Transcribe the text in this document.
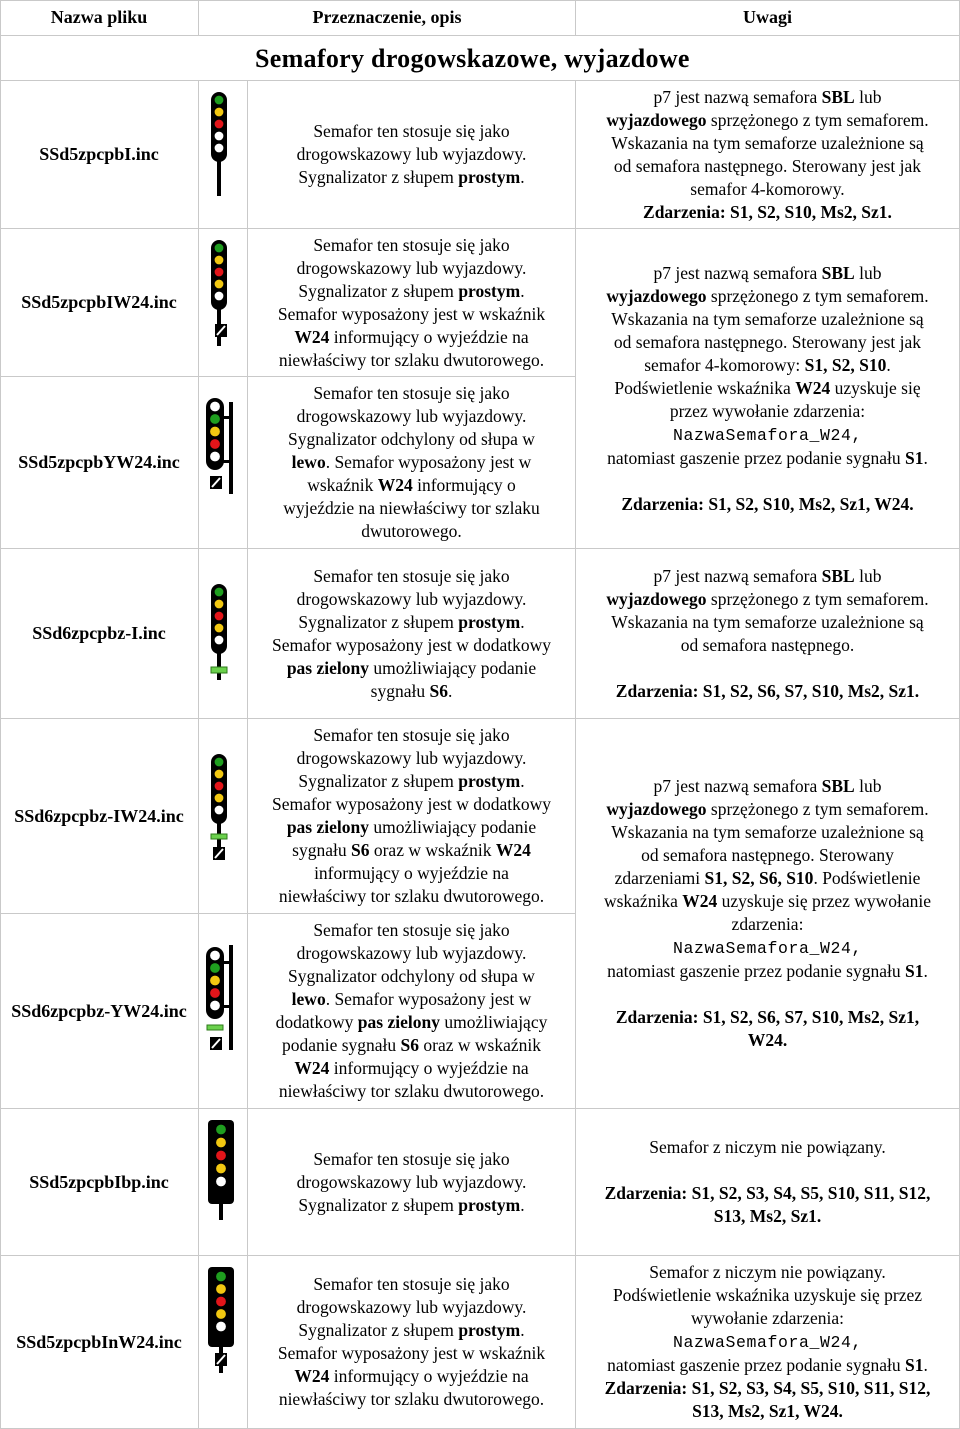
Nazwa pliku	Przeznaczenie, opis	Uwagi
Semafory drogowskazowe, wyjazdowe
SSd5zpcpbI.inc
SSd5zpcpbIW24.inc
SSd5zpcpbYW24.inc
SSd6zpcpbz-I.inc
SSd6zpcpbz-IW24.inc
SSd6zpcpbz-YW24.inc
SSd5zpcpbIbp.inc
SSd5zpcpbInW24.inc
Semafor ten stosuje się jako
drogowskazowy lub wyjazdowy.
Sygnalizator z słupem prostym.
Semafor ten stosuje się jako
drogowskazowy lub wyjazdowy.
Sygnalizator z słupem prostym.
Semafor wyposażony jest w wskaźnik
W24 informujący o wyjeździe na
niewłaściwy tor szlaku dwutorowego.
Semafor ten stosuje się jako
drogowskazowy lub wyjazdowy.
Sygnalizator odchylony od słupa w
lewo. Semafor wyposażony jest w
wskaźnik W24 informujący o
wyjeździe na niewłaściwy tor szlaku
dwutorowego.
Semafor ten stosuje się jako
drogowskazowy lub wyjazdowy.
Sygnalizator z słupem prostym.
Semafor wyposażony jest w dodatkowy
pas zielony umożliwiający podanie
sygnału S6.
Semafor ten stosuje się jako
drogowskazowy lub wyjazdowy.
Sygnalizator z słupem prostym.
Semafor wyposażony jest w dodatkowy
pas zielony umożliwiający podanie
sygnału S6 oraz w wskaźnik W24
informujący o wyjeździe na
niewłaściwy tor szlaku dwutorowego.
Semafor ten stosuje się jako
drogowskazowy lub wyjazdowy.
Sygnalizator odchylony od słupa w
lewo. Semafor wyposażony jest w
dodatkowy pas zielony umożliwiający
podanie sygnału S6 oraz w wskaźnik
W24 informujący o wyjeździe na
niewłaściwy tor szlaku dwutorowego.
Semafor ten stosuje się jako
drogowskazowy lub wyjazdowy.
Sygnalizator z słupem prostym.
Semafor ten stosuje się jako
drogowskazowy lub wyjazdowy.
Sygnalizator z słupem prostym.
Semafor wyposażony jest w wskaźnik
W24 informujący o wyjeździe na
niewłaściwy tor szlaku dwutorowego.
p7 jest nazwą semafora SBL lub
wyjazdowego sprzężonego z tym semaforem.
Wskazania na tym semaforze uzależnione są
od semafora następnego. Sterowany jest jak
semafor 4-komorowy.
Zdarzenia: S1, S2, S10, Ms2, Sz1.
p7 jest nazwą semafora SBL lub
wyjazdowego sprzężonego z tym semaforem.
Wskazania na tym semaforze uzależnione są
od semafora następnego. Sterowany jest jak
semafor 4-komorowy: S1, S2, S10.
Podświetlenie wskaźnika W24 uzyskuje się
przez wywołanie zdarzenia:
NazwaSemafora_W24,
natomiast gaszenie przez podanie sygnału S1.

Zdarzenia: S1, S2, S10, Ms2, Sz1, W24.
p7 jest nazwą semafora SBL lub
wyjazdowego sprzężonego z tym semaforem.
Wskazania na tym semaforze uzależnione są
od semafora następnego.

Zdarzenia: S1, S2, S6, S7, S10, Ms2, Sz1.
p7 jest nazwą semafora SBL lub
wyjazdowego sprzężonego z tym semaforem.
Wskazania na tym semaforze uzależnione są
od semafora następnego. Sterowany
zdarzeniami S1, S2, S6, S10. Podświetlenie
wskaźnika W24 uzyskuje się przez wywołanie
zdarzenia:
NazwaSemafora_W24,
natomiast gaszenie przez podanie sygnału S1.

Zdarzenia: S1, S2, S6, S7, S10, Ms2, Sz1,
W24.
Semafor z niczym nie powiązany.

Zdarzenia: S1, S2, S3, S4, S5, S10, S11, S12,
S13, Ms2, Sz1.
Semafor z niczym nie powiązany.
Podświetlenie wskaźnika uzyskuje się przez
wywołanie zdarzenia:
NazwaSemafora_W24,
natomiast gaszenie przez podanie sygnału S1.
Zdarzenia: S1, S2, S3, S4, S5, S10, S11, S12,
S13, Ms2, Sz1, W24.
